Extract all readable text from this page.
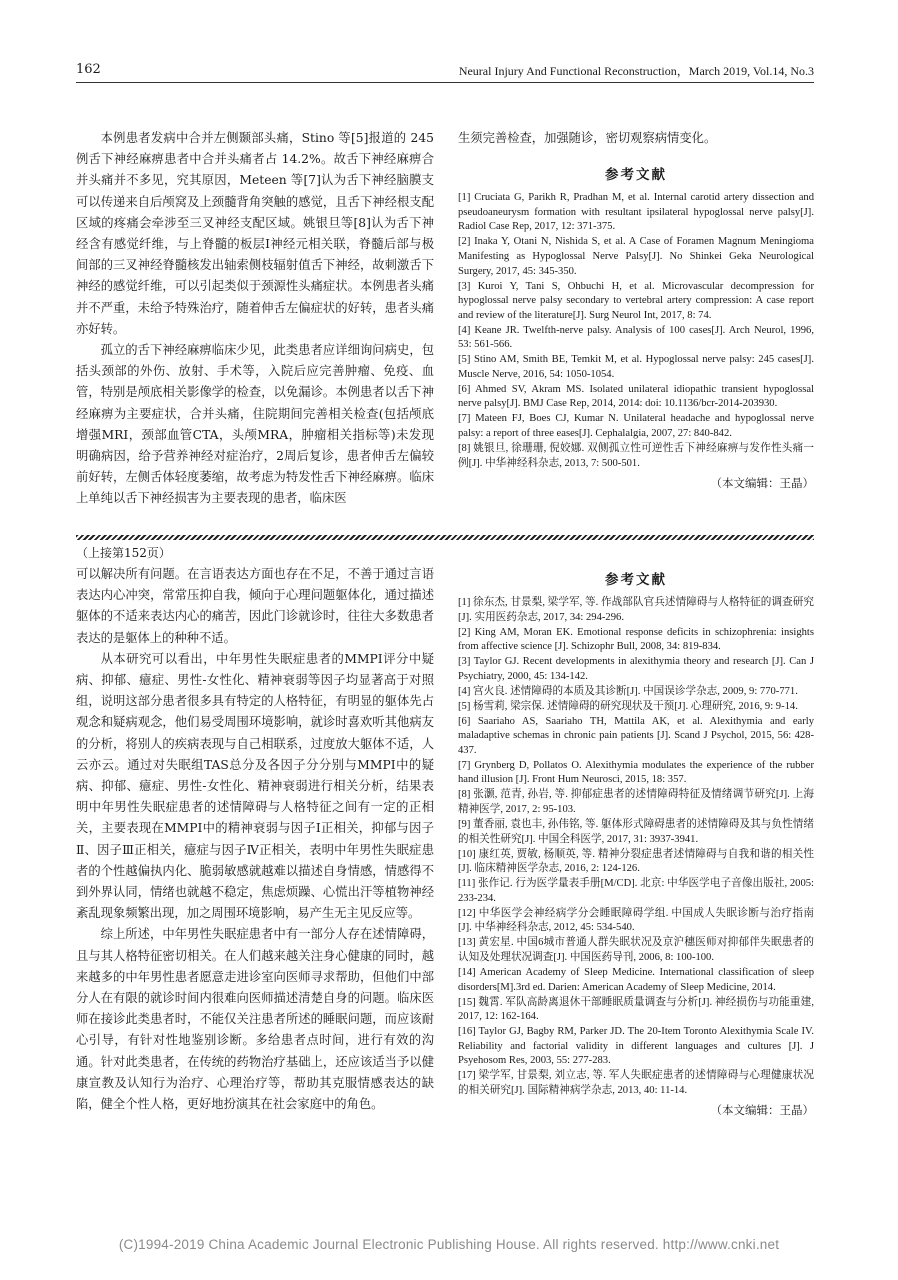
162	Neural Injury And Functional Reconstruction，March 2019, Vol.14, No.3

本例患者发病中合并左侧颞部头痛，Stino 等[5]报道的 245 例舌下神经麻痹患者中合并头痛者占 14.2%。故舌下神经麻痹合并头痛并不多见，究其原因，Meteen 等[7]认为舌下神经脑膜支可以传递来自后颅窝及上颈髓背角突触的感觉，且舌下神经根支配区域的疼痛会牵涉至三叉神经支配区域。姚银旦等[8]认为舌下神经含有感觉纤维，与上脊髓的板层Ⅰ神经元相关联，脊髓后部与极间部的三叉神经脊髓核发出轴索侧枝辐射值舌下神经，故刺激舌下神经的感觉纤维，可以引起类似于颈源性头痛症状。本例患者头痛并不严重，未给予特殊治疗，随着伸舌左偏症状的好转，患者头痛亦好转。

孤立的舌下神经麻痹临床少见，此类患者应详细询问病史，包括头颈部的外伤、放射、手术等，入院后应完善肿瘤、免疫、血管，特别是颅底相关影像学的检查，以免漏诊。本例患者以舌下神经麻痹为主要症状，合并头痛，住院期间完善相关检查(包括颅底增强MRI，颈部血管CTA，头颅MRA，肿瘤相关指标等)未发现明确病因，给予营养神经对症治疗，2周后复诊，患者伸舌左偏较前好转，左侧舌体轻度萎缩，故考虑为特发性舌下神经麻痹。临床上单纯以舌下神经损害为主要表现的患者，临床医

生须完善检查，加强随诊，密切观察病情变化。

参考文献
[1] Cruciata G, Parikh R, Pradhan M, et al. Internal carotid artery dissection and pseudoaneurysm formation with resultant ipsilateral hypoglossal nerve palsy[J]. Radiol Case Rep, 2017, 12: 371-375.
[2] Inaka Y, Otani N, Nishida S, et al. A Case of Foramen Magnum Meningioma Manifesting as Hypoglossal Nerve Palsy[J]. No Shinkei Geka Neurological Surgery, 2017, 45: 345-350.
[3] Kuroi Y, Tani S, Ohbuchi H, et al. Microvascular decompression for hypoglossal nerve palsy secondary to vertebral artery compression: A case report and review of the literature[J]. Surg Neurol Int, 2017, 8: 74.
[4] Keane JR. Twelfth-nerve palsy. Analysis of 100 cases[J]. Arch Neurol, 1996, 53: 561-566.
[5] Stino AM, Smith BE, Temkit M, et al. Hypoglossal nerve palsy: 245 cases[J]. Muscle Nerve, 2016, 54: 1050-1054.
[6] Ahmed SV, Akram MS. Isolated unilateral idiopathic transient hypoglossal nerve palsy[J]. BMJ Case Rep, 2014, 2014: doi: 10.1136/bcr-2014-203930.
[7] Mateen FJ, Boes CJ, Kumar N. Unilateral headache and hypoglossal nerve palsy: a report of three eases[J]. Cephalalgia, 2007, 27: 840-842.
[8] 姚银旦, 徐珊珊, 倪姣娜. 双侧孤立性可逆性舌下神经麻痹与发作性头痛一例[J]. 中华神经科杂志, 2013, 7: 500-501.
（本文编辑：王晶）
（上接第152页）

可以解决所有问题。在言语表达方面也存在不足，不善于通过言语表达内心冲突，常常压抑自我，倾向于心理问题躯体化，通过描述躯体的不适来表达内心的痛苦，因此门诊就诊时，往往大多数患者表达的是躯体上的种种不适。

从本研究可以看出，中年男性失眠症患者的MMPI评分中疑病、抑郁、癔症、男性-女性化、精神衰弱等因子均显著高于对照组，说明这部分患者很多具有特定的人格特征，有明显的躯体先占观念和疑病观念，他们易受周围环境影响，就诊时喜欢听其他病友的分析，将别人的疾病表现与自己相联系，过度放大躯体不适，人云亦云。通过对失眠组TAS总分及各因子分分别与MMPI中的疑病、抑郁、癔症、男性-女性化、精神衰弱进行相关分析，结果表明中年男性失眠症患者的述情障碍与人格特征之间有一定的正相关，主要表现在MMPI中的精神衰弱与因子Ⅰ正相关，抑郁与因子Ⅱ、因子Ⅲ正相关，癔症与因子Ⅳ正相关，表明中年男性失眠症患者的个性越偏执内化、脆弱敏感就越难以描述自身情感，情感得不到外界认同，情绪也就越不稳定，焦虑烦躁、心慌出汗等植物神经紊乱现象频繁出现，加之周围环境影响，易产生无主见反应等。

综上所述，中年男性失眠症患者中有一部分人存在述情障碍，且与其人格特征密切相关。在人们越来越关注身心健康的同时，越来越多的中年男性患者愿意走进诊室向医师寻求帮助，但他们中部分人在有限的就诊时间内很难向医师描述清楚自身的问题。临床医师在接诊此类患者时，不能仅关注患者所述的睡眠问题，而应该耐心引导，有针对性地鉴别诊断。多给患者点时间，进行有效的沟通。针对此类患者，在传统的药物治疗基础上，还应该适当予以健康宣教及认知行为治疗、心理治疗等，帮助其克服情感表达的缺陷，健全个性人格，更好地扮演其在社会家庭中的角色。

参考文献
[1] 徐东杰, 甘景梨, 梁学军, 等. 作战部队官兵述情障碍与人格特征的调查研究[J]. 实用医药杂志, 2017, 34: 294-296.
[2] King AM, Moran EK. Emotional response deficits in schizophrenia: insights from affective science [J]. Schizophr Bull, 2008, 34: 819-834.
[3] Taylor GJ. Recent developments in alexithymia theory and research [J]. Can J Psychiatry, 2000, 45: 134-142.
[4] 宫火良. 述情障碍的本质及其诊断[J]. 中国误诊学杂志, 2009, 9: 770-771.
[5] 杨雪莉, 梁宗保. 述情障碍的研究现状及干预[J]. 心理研究, 2016, 9: 9-14.
[6] Saariaho AS, Saariaho TH, Mattila AK, et al. Alexithymia and early maladaptive schemas in chronic pain patients [J]. Scand J Psychol, 2015, 56: 428-437.
[7] Grynberg D, Pollatos O. Alexithymia modulates the experience of the rubber hand illusion [J]. Front Hum Neurosci, 2015, 18: 357.
[8] 张灏, 范青, 孙岩, 等. 抑郁症患者的述情障碍特征及情绪调节研究[J]. 上海精神医学, 2017, 2: 95-103.
[9] 董香丽, 袁也丰, 孙伟铭, 等. 躯体形式障碍患者的述情障碍及其与负性情绪的相关性研究[J]. 中国全科医学, 2017, 31: 3937-3941.
[10] 康红英, 贾敏, 杨顺英, 等. 精神分裂症患者述情障碍与自我和谐的相关性[J]. 临床精神医学杂志, 2016, 2: 124-126.
[11] 张作记. 行为医学量表手册[M/CD]. 北京: 中华医学电子音像出版社, 2005: 233-234.
[12] 中华医学会神经病学分会睡眠障碍学组. 中国成人失眠诊断与治疗指南[J]. 中华神经科杂志, 2012, 45: 534-540.
[13] 黄宏星. 中国6城市普通人群失眠状况及京沪穗医师对抑郁伴失眠患者的认知及处理状况调查[J]. 中国医药导刊, 2006, 8: 100-100.
[14] American Academy of Sleep Medicine. International classification of sleep disorders[M].3rd ed. Darien: American Academy of Sleep Medicine, 2014.
[15] 魏霄. 军队高龄离退休干部睡眠质量调查与分析[J]. 神经损伤与功能重建, 2017, 12: 162-164.
[16] Taylor GJ, Bagby RM, Parker JD. The 20-Item Toronto Alexithymia Scale IV. Reliability and factorial validity in different languages and cultures [J]. J Psyehosom Res, 2003, 55: 277-283.
[17] 梁学军, 甘景梨, 刘立志, 等. 军人失眠症患者的述情障碍与心理健康状况的相关研究[J]. 国际精神病学杂志, 2013, 40: 11-14.
（本文编辑：王晶）
(C)1994-2019 China Academic Journal Electronic Publishing House. All rights reserved. http://www.cnki.net
